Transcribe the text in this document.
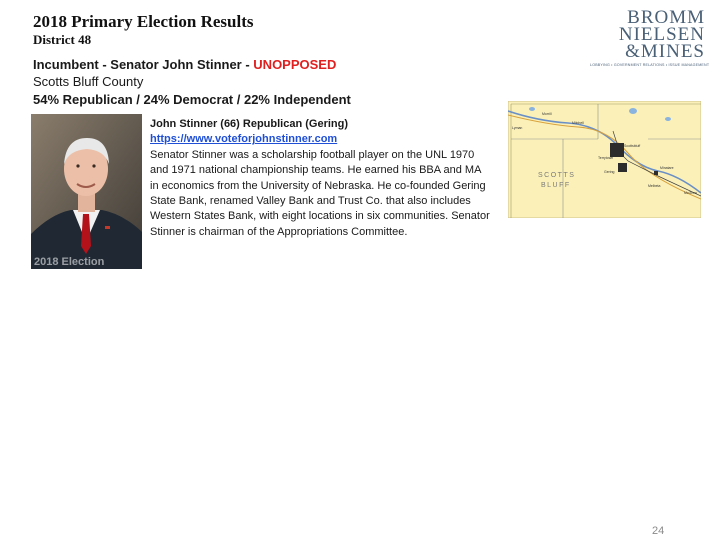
2018 Primary Election Results
District 48
BROMM
NIELSEN
&MINES
LOBBYING • GOVERNMENT RELATIONS • ISSUE MANAGEMENT
Incumbent - Senator John Stinner - UNOPPOSED
Scotts Bluff County
54% Republican / 24% Democrat / 22% Independent
2018 Election

John Stinner (66) Republican (Gering)

https://www.voteforjohnstinner.com

Senator Stinner was a scholarship football player on the UNL 1970 and 1971 national championship teams. He earned his BBA and MA in economics from the University of Nebraska. He co-founded Gering State Bank, renamed Valley Bank and Trust Co. that also includes Western States Bank, with eight locations in six communities. Senator Stinner is chairman of the Appropriations Committee.

SCOTTS
BLUFF
Morrill
Mitchell
Lyman
Scottsbluff
Terrytown
Gering
Minatare
Melbeta
McGrew
24
